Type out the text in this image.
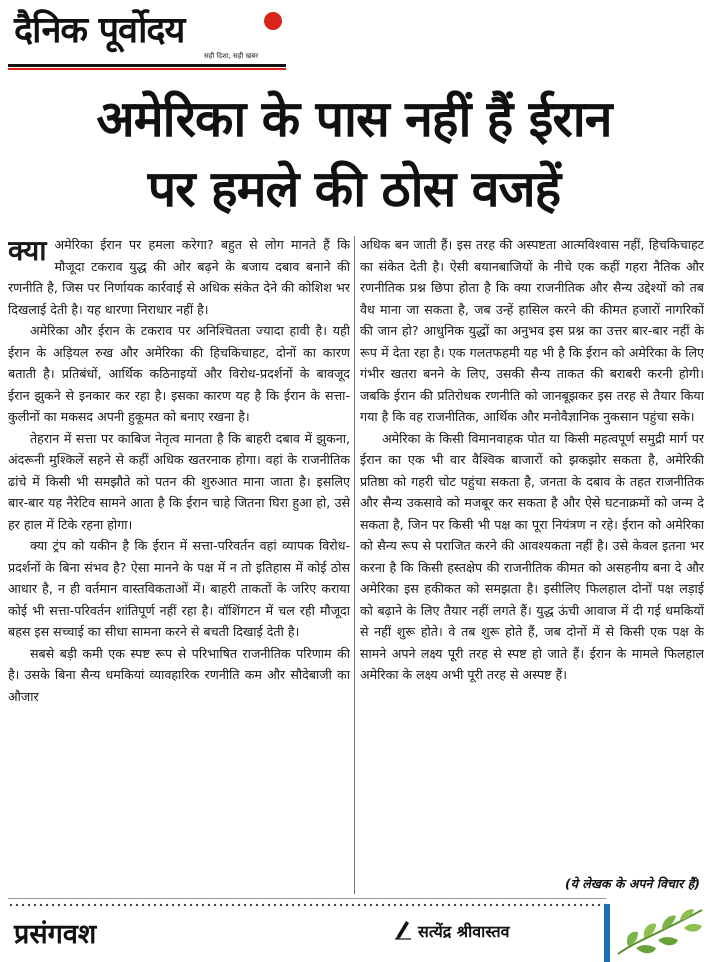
दैनिक पूर्वोदय
सही दिशा, सही खबर
अमेरिका के पास नहीं हैं ईरान
पर हमले की ठोस वजहें

क्या अमेरिका ईरान पर हमला करेगा? बहुत से लोग मानते हैं कि मौजूदा टकराव युद्ध की ओर बढ़ने के बजाय दबाव बनाने की रणनीति है, जिस पर निर्णायक कार्रवाई से अधिक संकेत देने की कोशिश भर दिखलाई देती है। यह धारणा निराधार नहीं है।

अमेरिका और ईरान के टकराव पर अनिश्चितता ज्यादा हावी है। यही ईरान के अड़ियल रुख और अमेरिका की हिचकिचाहट, दोनों का कारण बताती है। प्रतिबंधों, आर्थिक कठिनाइयों और विरोध-प्रदर्शनों के बावजूद ईरान झुकने से इनकार कर रहा है। इसका कारण यह है कि ईरान के सत्ता-कुलीनों का मकसद अपनी हुकूमत को बनाए रखना है।

तेहरान में सत्ता पर काबिज नेतृत्व मानता है कि बाहरी दबाव में झुकना, अंदरूनी मुश्किलें सहने से कहीं अधिक खतरनाक होगा। वहां के राजनीतिक ढांचे में किसी भी समझौते को पतन की शुरुआत माना जाता है। इसलिए बार-बार यह नैरेटिव सामने आता है कि ईरान चाहे जितना घिरा हुआ हो, उसे हर हाल में टिके रहना होगा।

क्या ट्रंप को यकीन है कि ईरान में सत्ता-परिवर्तन वहां व्यापक विरोध-प्रदर्शनों के बिना संभव है? ऐसा मानने के पक्ष में न तो इतिहास में कोई ठोस आधार है, न ही वर्तमान वास्तविकताओं में। बाहरी ताकतों के जरिए कराया कोई भी सत्ता-परिवर्तन शांतिपूर्ण नहीं रहा है। वॉशिंगटन में चल रही मौजूदा बहस इस सच्चाई का सीधा सामना करने से बचती दिखाई देती है।

सबसे बड़ी कमी एक स्पष्ट रूप से परिभाषित राजनीतिक परिणाम की है। उसके बिना सैन्य धमकियां व्यावहारिक रणनीति कम और सौदेबाजी का औजार

अधिक बन जाती हैं। इस तरह की अस्पष्टता आत्मविश्वास नहीं, हिचकिचाहट का संकेत देती है। ऐसी बयानबाजियों के नीचे एक कहीं गहरा नैतिक और रणनीतिक प्रश्न छिपा होता है कि क्या राजनीतिक और सैन्य उद्देश्यों को तब वैध माना जा सकता है, जब उन्हें हासिल करने की कीमत हजारों नागरिकों की जान हो? आधुनिक युद्धों का अनुभव इस प्रश्न का उत्तर बार-बार नहीं के रूप में देता रहा है। एक गलतफहमी यह भी है कि ईरान को अमेरिका के लिए गंभीर खतरा बनने के लिए, उसकी सैन्य ताकत की बराबरी करनी होगी। जबकि ईरान की प्रतिरोधक रणनीति को जानबूझकर इस तरह से तैयार किया गया है कि वह राजनीतिक, आर्थिक और मनोवैज्ञानिक नुकसान पहुंचा सके।

अमेरिका के किसी विमानवाहक पोत या किसी महत्वपूर्ण समुद्री मार्ग पर ईरान का एक भी वार वैश्विक बाजारों को झकझोर सकता है, अमेरिकी प्रतिष्ठा को गहरी चोट पहुंचा सकता है, जनता के दबाव के तहत राजनीतिक और सैन्य उकसावे को मजबूर कर सकता है और ऐसे घटनाक्रमों को जन्म दे सकता है, जिन पर किसी भी पक्ष का पूरा नियंत्रण न रहे। ईरान को अमेरिका को सैन्य रूप से पराजित करने की आवश्यकता नहीं है। उसे केवल इतना भर करना है कि किसी हस्तक्षेप की राजनीतिक कीमत को असहनीय बना दे और अमेरिका इस हकीकत को समझता है। इसीलिए फिलहाल दोनों पक्ष लड़ाई को बढ़ाने के लिए तैयार नहीं लगते हैं। युद्ध ऊंची आवाज में दी गई धमकियों से नहीं शुरू होते। वे तब शुरू होते हैं, जब दोनों में से किसी एक पक्ष के सामने अपने लक्ष्य पूरी तरह से स्पष्ट हो जाते हैं। ईरान के मामले फिलहाल अमेरिका के लक्ष्य अभी पूरी तरह से अस्पष्ट हैं।

(ये लेखक के अपने विचार हैं)
प्रसंगवश	सत्येंद्र श्रीवास्तव
